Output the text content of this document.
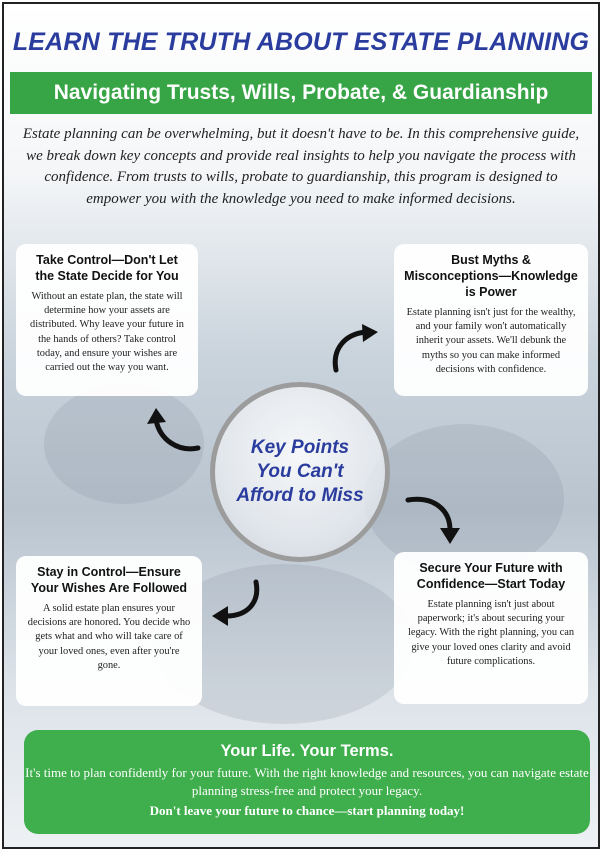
LEARN THE TRUTH ABOUT ESTATE PLANNING
Navigating Trusts, Wills, Probate, & Guardianship
Estate planning can be overwhelming, but it doesn't have to be. In this comprehensive guide, we break down key concepts and provide real insights to help you navigate the process with confidence. From trusts to wills, probate to guardianship, this program is designed to empower you with the knowledge you need to make informed decisions.
Take Control—Don't Let the State Decide for You

Without an estate plan, the state will determine how your assets are distributed. Why leave your future in the hands of others? Take control today, and ensure your wishes are carried out the way you want.

Bust Myths & Misconceptions—Knowledge is Power

Estate planning isn't just for the wealthy, and your family won't automatically inherit your assets. We'll debunk the myths so you can make informed decisions with confidence.

Stay in Control—Ensure Your Wishes Are Followed

A solid estate plan ensures your decisions are honored. You decide who gets what and who will take care of your loved ones, even after you're gone.

Secure Your Future with Confidence—Start Today

Estate planning isn't just about paperwork; it's about securing your legacy. With the right planning, you can give your loved ones clarity and avoid future complications.

Key Points You Can't Afford to Miss
Your Life. Your Terms.
It's time to plan confidently for your future. With the right knowledge and resources, you can navigate estate planning stress-free and protect your legacy.
Don't leave your future to chance—start planning today!
